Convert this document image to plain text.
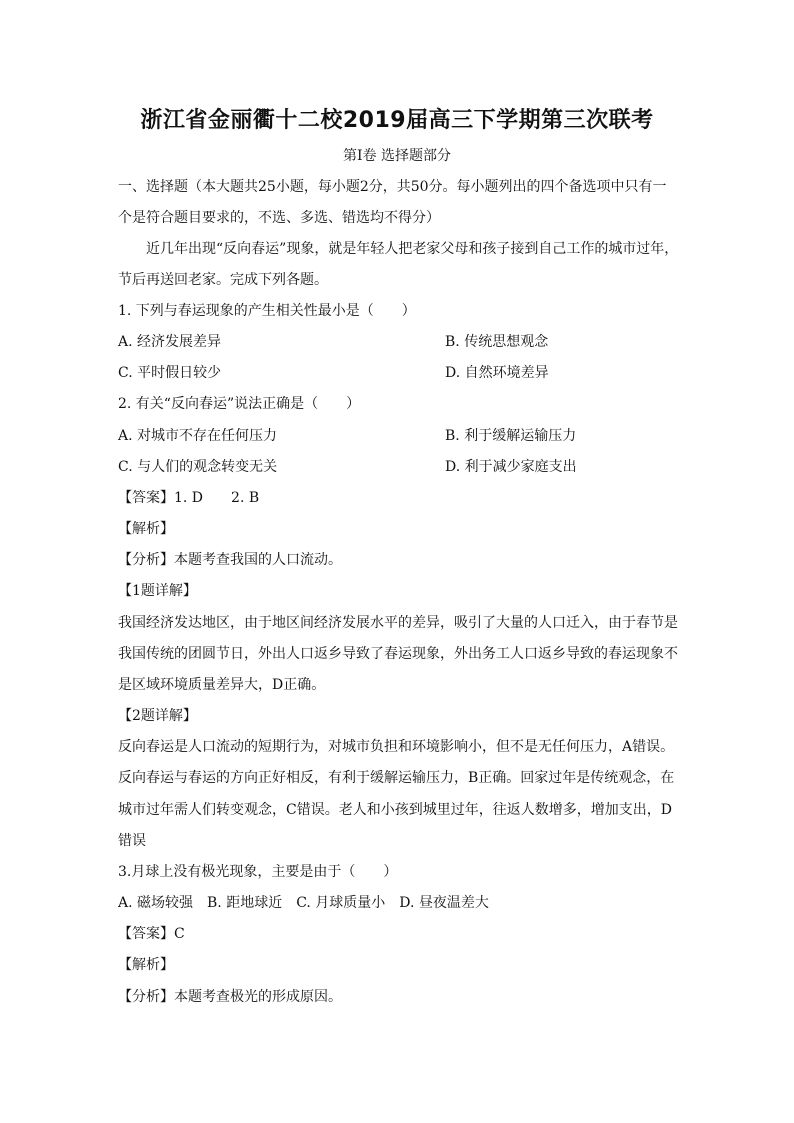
浙江省金丽衢十二校2019届高三下学期第三次联考
第Ⅰ卷 选择题部分
一、选择题（本大题共25小题，每小题2分，共50分。每小题列出的四个备选项中只有一
个是符合题目要求的，不选、多选、错选均不得分）
近几年出现“反向春运”现象，就是年轻人把老家父母和孩子接到自己工作的城市过年，
节后再送回老家。完成下列各题。
1. 下列与春运现象的产生相关性最小是（　　）
A. 经济发展差异	B. 传统思想观念
C. 平时假日较少	D. 自然环境差异
2. 有关“反向春运”说法正确是（　　）
A. 对城市不存在任何压力	B. 利于缓解运输压力
C. 与人们的观念转变无关	D. 利于减少家庭支出
【答案】1. D　　2. B
【解析】
【分析】本题考查我国的人口流动。
【1题详解】
我国经济发达地区，由于地区间经济发展水平的差异，吸引了大量的人口迁入，由于春节是
我国传统的团圆节日，外出人口返乡导致了春运现象，外出务工人口返乡导致的春运现象不
是区域环境质量差异大，D正确。
【2题详解】
反向春运是人口流动的短期行为，对城市负担和环境影响小，但不是无任何压力，A错误。
反向春运与春运的方向正好相反，有利于缓解运输压力，B正确。回家过年是传统观念，在
城市过年需人们转变观念，C错误。老人和小孩到城里过年，往返人数增多，增加支出，D
错误
3.月球上没有极光现象，主要是由于（　　）
A. 磁场较强　B. 距地球近　C. 月球质量小　D. 昼夜温差大
【答案】C
【解析】
【分析】本题考查极光的形成原因。
